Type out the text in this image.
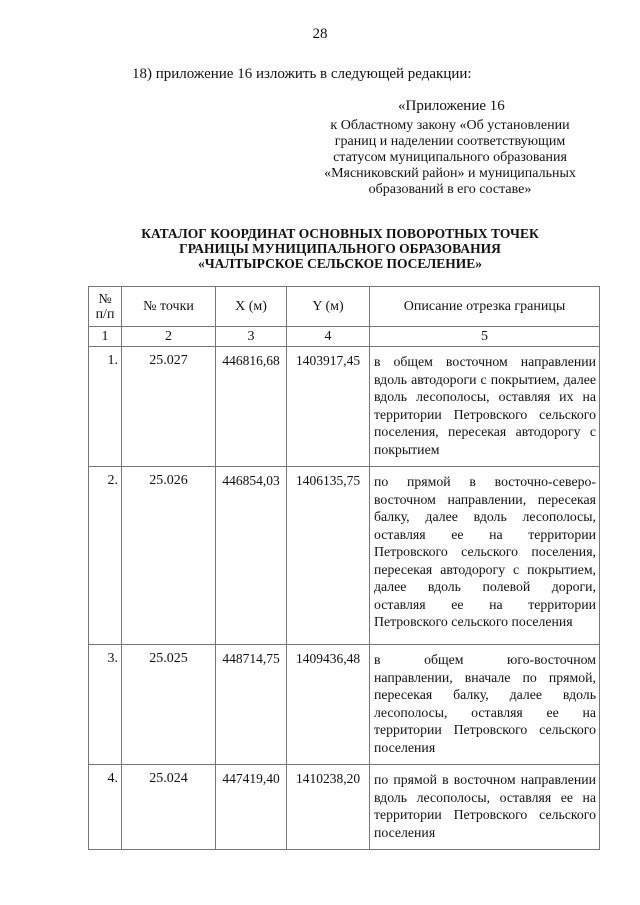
28
18) приложение 16 изложить в следующей редакции:
«Приложение 16
к Областному закону «Об установлении
границ и наделении соответствующим
статусом муниципального образования
«Мясниковский район» и муниципальных
образований в его составе»
КАТАЛОГ КООРДИНАТ ОСНОВНЫХ ПОВОРОТНЫХ ТОЧЕК
ГРАНИЦЫ МУНИЦИПАЛЬНОГО ОБРАЗОВАНИЯ
«ЧАЛТЫРСКОЕ СЕЛЬСКОЕ ПОСЕЛЕНИЕ»
№
п/п	№ точки	X (м)	Y (м)	Описание отрезка границы
1	2	3	4	5
1.	25.027	446816,68	1403917,45	в общем восточном направлении вдоль автодороги с покрытием, далее вдоль лесополосы, оставляя их на территории Петровского сельского поселения, пересекая автодорогу с покрытием
2.	25.026	446854,03	1406135,75	по прямой в восточно-северо-восточном направлении, пересекая балку, далее вдоль лесополосы, оставляя ее на территории Петровского сельского поселения, пересекая автодорогу с покрытием, далее вдоль полевой дороги, оставляя ее на территории Петровского сельского поселения
3.	25.025	448714,75	1409436,48	в общем юго-восточном направлении, вначале по прямой, пересекая балку, далее вдоль лесополосы, оставляя ее на территории Петровского сельского поселения
4.	25.024	447419,40	1410238,20	по прямой в восточном направлении вдоль лесополосы, оставляя ее на территории Петровского сельского поселения
